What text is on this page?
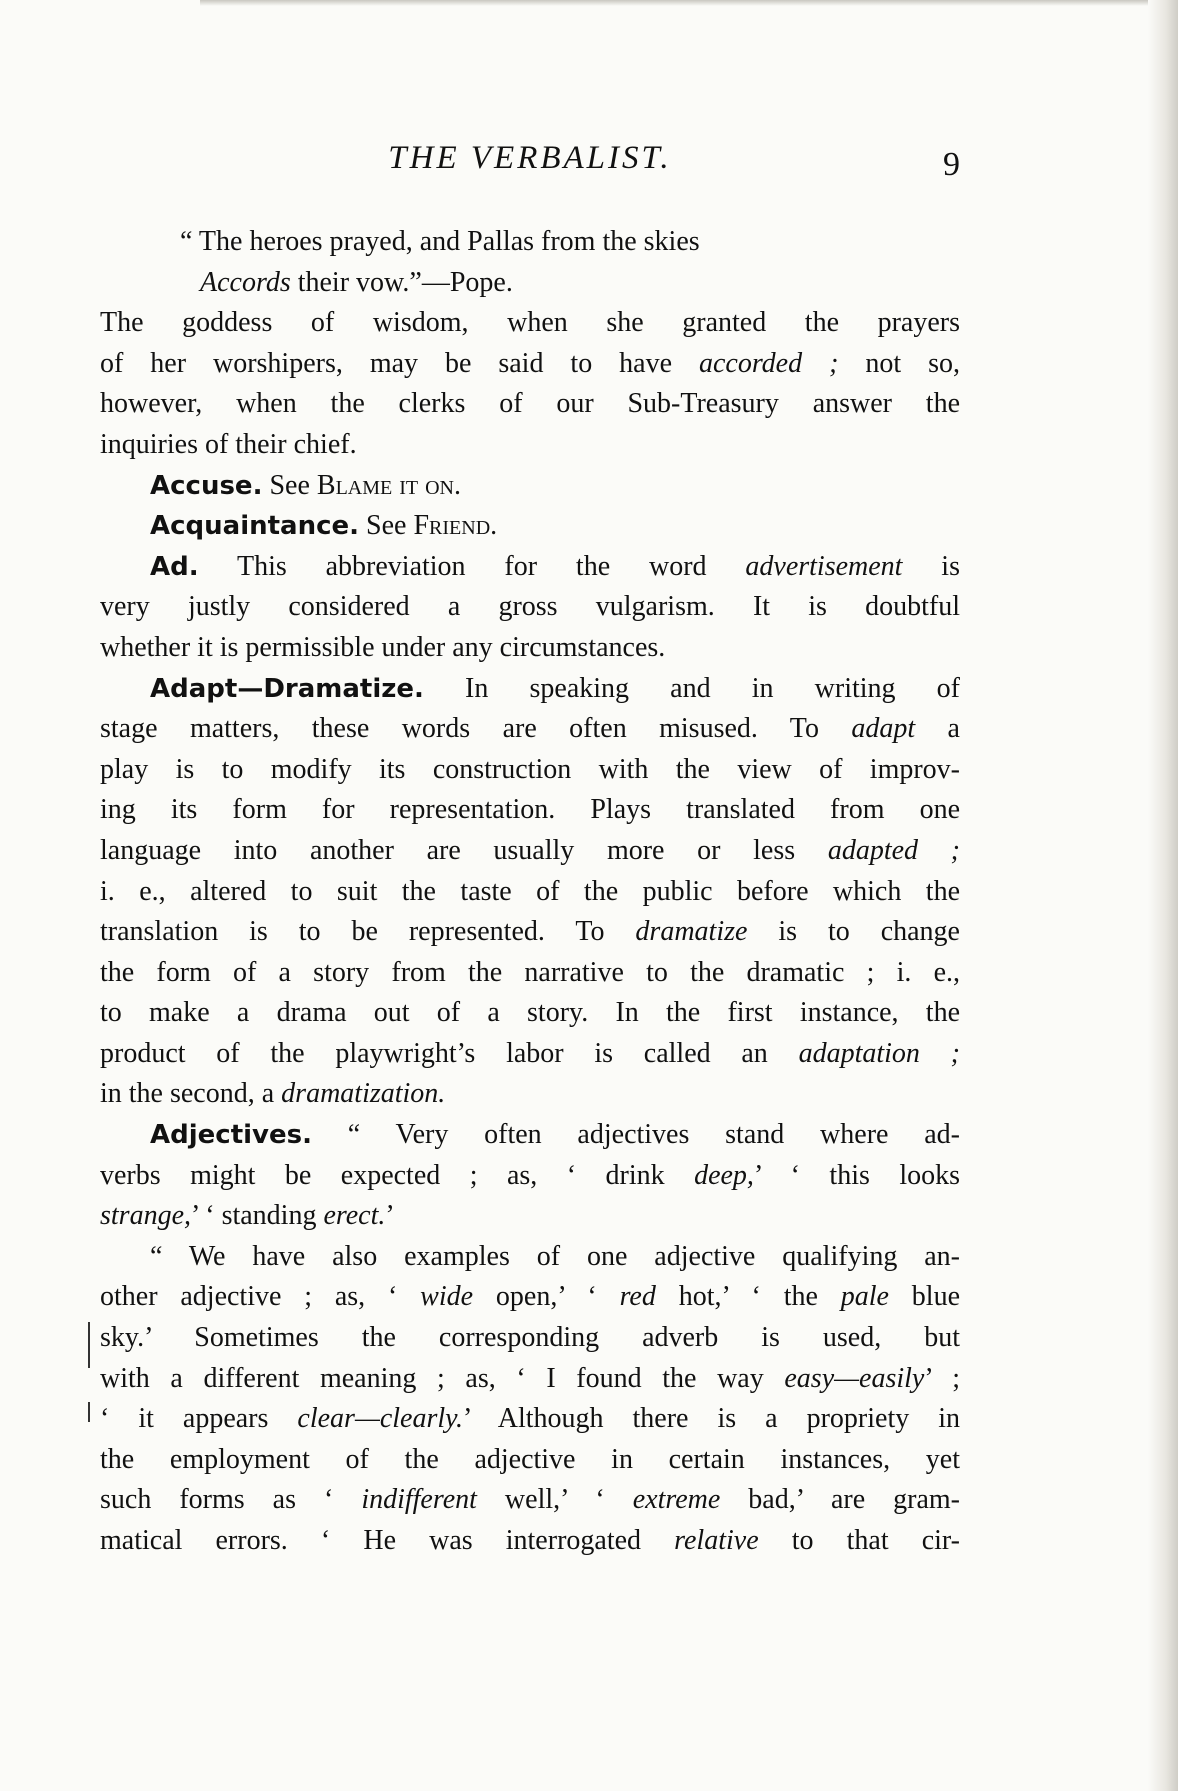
THE VERBALIST.	9
“ The heroes prayed, and Pallas from the skies
Accords their vow.”—Pope.
The goddess of wisdom, when she granted the prayers
of her worshipers, may be said to have accorded ; not so,
however, when the clerks of our Sub-Treasury answer the
inquiries of their chief.
Accuse. See Blame it on.
Acquaintance. See Friend.
Ad. This abbreviation for the word advertisement is
very justly considered a gross vulgarism. It is doubtful
whether it is permissible under any circumstances.
Adapt—Dramatize. In speaking and in writing of
stage matters, these words are often misused. To adapt a
play is to modify its construction with the view of improv-
ing its form for representation. Plays translated from one
language into another are usually more or less adapted ;
i. e., altered to suit the taste of the public before which the
translation is to be represented. To dramatize is to change
the form of a story from the narrative to the dramatic ; i. e.,
to make a drama out of a story. In the first instance, the
product of the playwright’s labor is called an adaptation ;
in the second, a dramatization.
Adjectives. “ Very often adjectives stand where ad-
verbs might be expected ; as, ‘ drink deep,’ ‘ this looks
strange,’ ‘ standing erect.’
“ We have also examples of one adjective qualifying an-
other adjective ; as, ‘ wide open,’ ‘ red hot,’ ‘ the pale blue
sky.’ Sometimes the corresponding adverb is used, but
with a different meaning ; as, ‘ I found the way easy—easily’ ;
‘ it appears clear—clearly.’ Although there is a propriety in
the employment of the adjective in certain instances, yet
such forms as ‘ indifferent well,’ ‘ extreme bad,’ are gram-
matical errors. ‘ He was interrogated relative to that cir-
